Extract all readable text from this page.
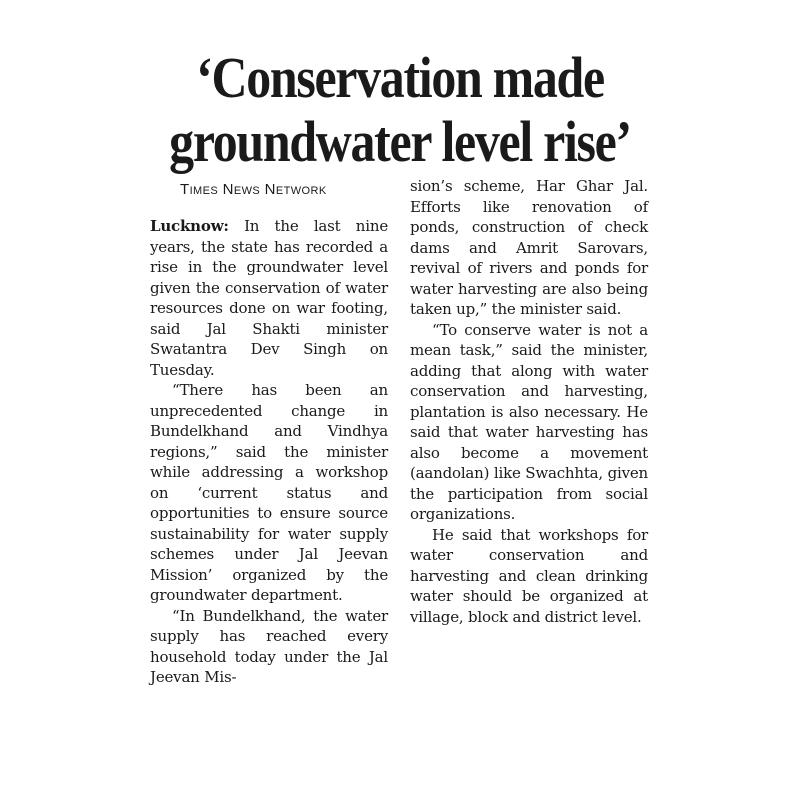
‘Conservation made
groundwater level rise’
Times News Network

Lucknow: In the last nine years, the state has recorded a rise in the groundwater level given the conservation of water resources done on war footing, said Jal Shakti minister Swatantra Dev Singh on Tuesday.

“There has been an unprecedented change in Bundelkhand and Vindhya regions,” said the minister while addressing a workshop on ‘current status and opportunities to ensure source sustainability for water supply schemes under Jal Jeevan Mission’ organized by the groundwater department.

“In Bundelkhand, the water supply has reached every household today under the Jal Jeevan Mis-

sion’s scheme, Har Ghar Jal. Efforts like renovation of ponds, construction of check dams and Amrit Sarovars, revival of rivers and ponds for water harvesting are also being taken up,” the minister said.

“To conserve water is not a mean task,” said the minister, adding that along with water conservation and harvesting, plantation is also necessary. He said that water harvesting has also become a movement (aandolan) like Swachhta, given the participation from social organizations.

He said that workshops for water conservation and harvesting and clean drinking water should be organized at village, block and district level.
